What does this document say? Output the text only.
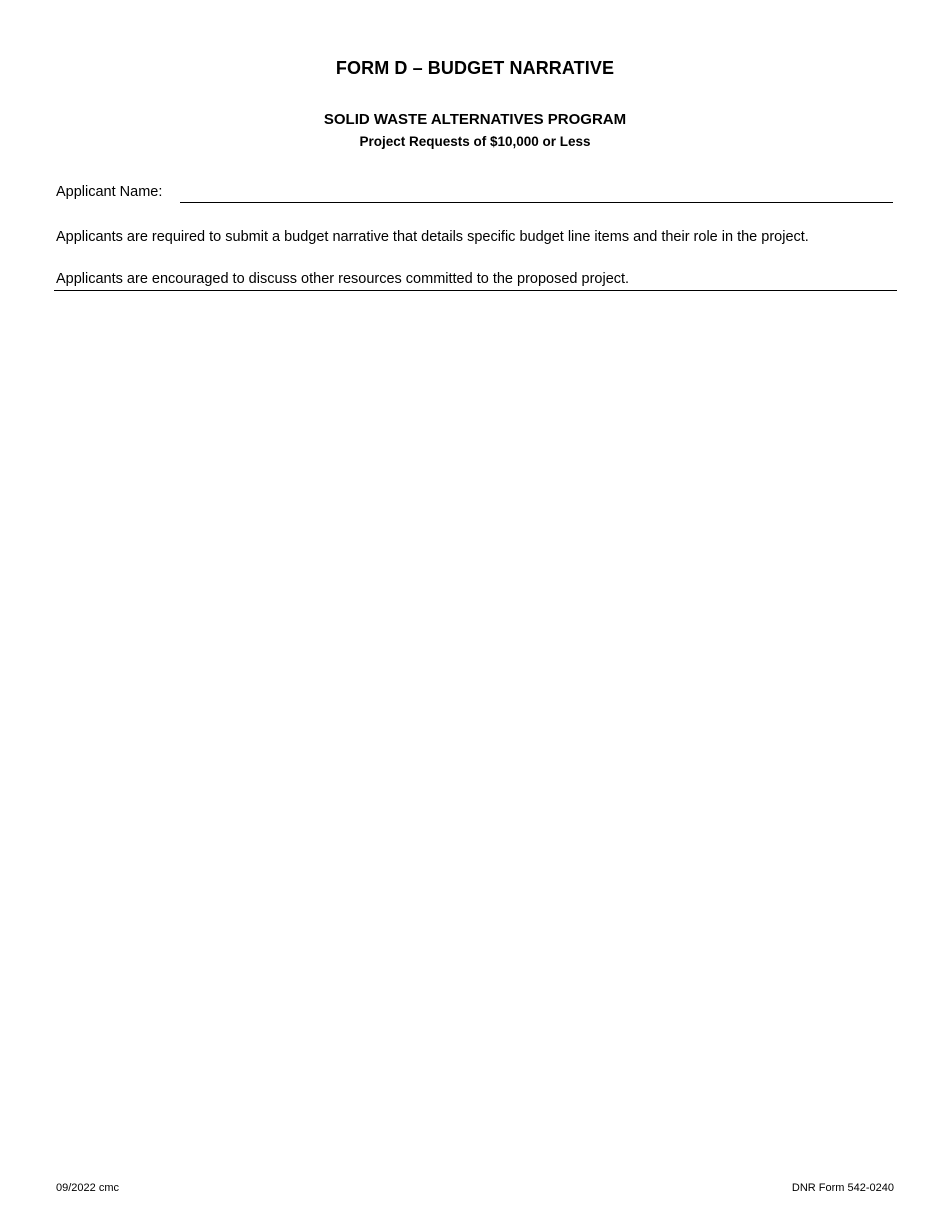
FORM D – BUDGET NARRATIVE
SOLID WASTE ALTERNATIVES PROGRAM
Project Requests of $10,000 or Less
Applicant Name:
Applicants are required to submit a budget narrative that details specific budget line items and their role in the project.
Applicants are encouraged to discuss other resources committed to the proposed project.
09/2022 cmc	DNR Form 542-0240
